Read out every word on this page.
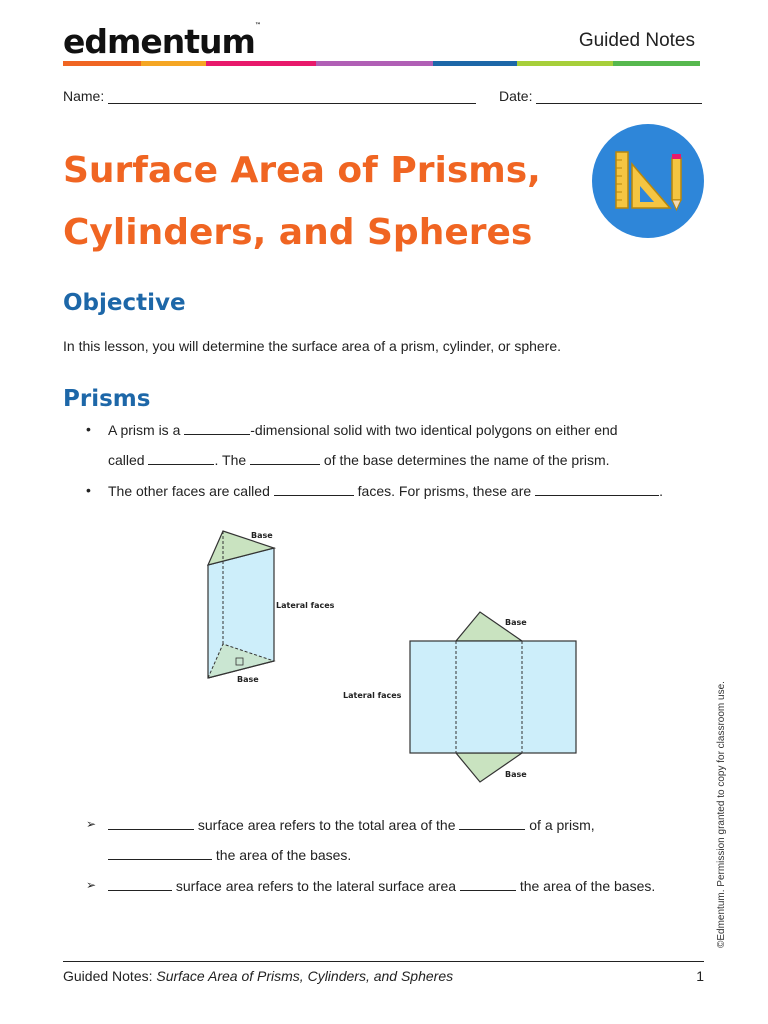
edmentum™
Guided Notes
Name:	Date:
Surface Area of Prisms,
Cylinders, and Spheres
Objective
In this lesson, you will determine the surface area of a prism, cylinder, or sphere.
Prisms
• A prism is a	-dimensional solid with two identical polygons on either end
called	. The	of the base determines the name of the prism.
• The other faces are called	faces. For prisms, these are	.
Base
Lateral faces
Base
Base
Lateral faces
Base
➢	surface area refers to the total area of the	of a prism,
the area of the bases.
➢	surface area refers to the lateral surface area	the area of the bases.	©Edmentum. Permission granted to copy for classroom use.
Guided Notes: Surface Area of Prisms, Cylinders, and Spheres	1
